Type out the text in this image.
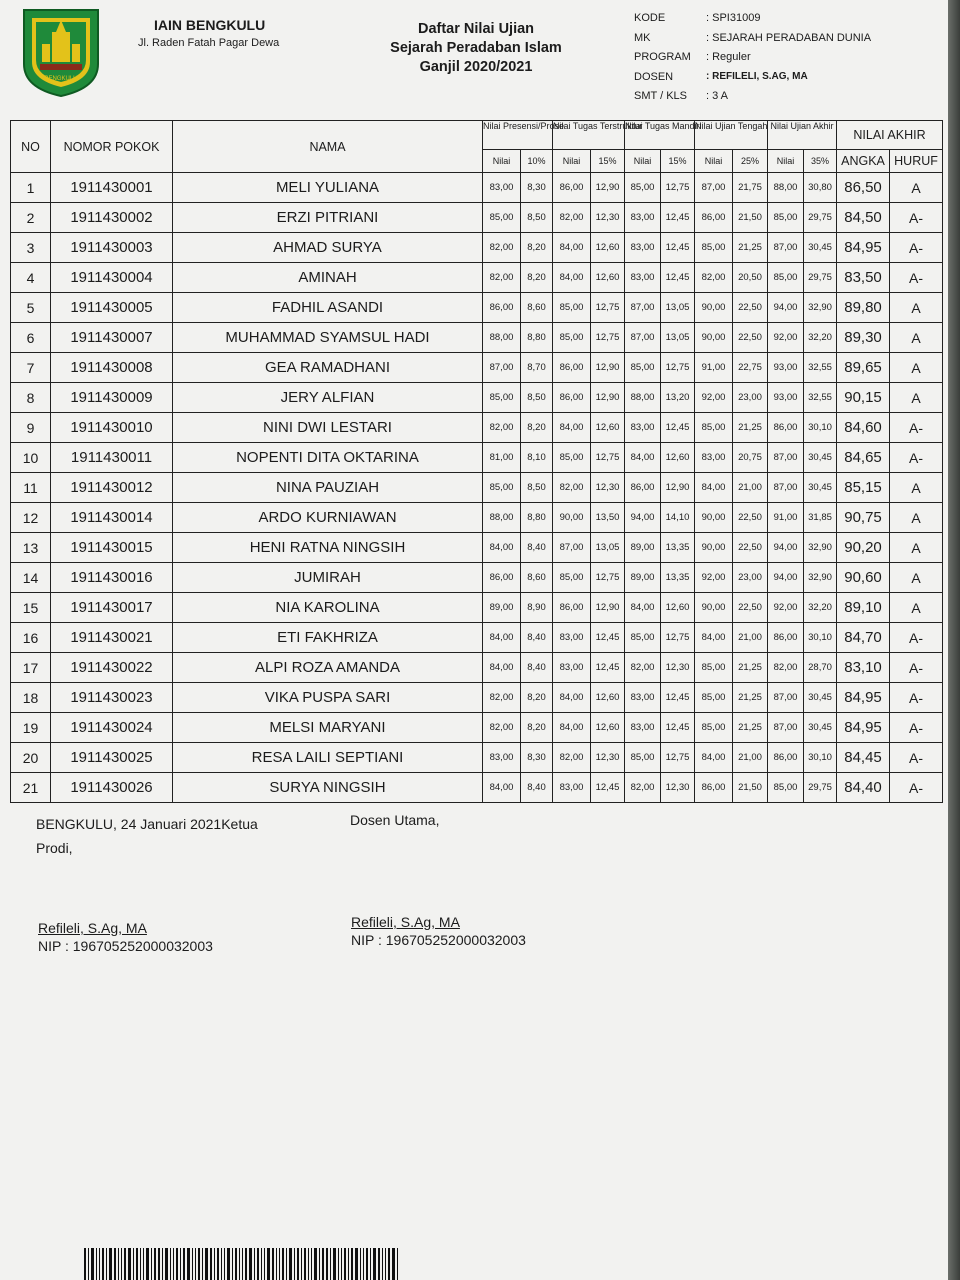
BENGKULU
IAIN BENGKULU
Jl. Raden Fatah Pagar Dewa
Daftar Nilai Ujian
Sejarah Peradaban Islam
Ganjil 2020/2021
KODE	: SPI31009
MK	: SEJARAH PERADABAN DUNIA
PROGRAM	: Reguler
DOSEN	: REFILELI, S.AG, MA
SMT / KLS	: 3 A
NO	NOMOR POKOK	NAMA	Nilai Presensi/Prose		Nilai Tugas Terstruktur		Nilai Tugas Mandiri		Nilai Ujian Tengah		Nilai Ujian Akhir		NILAI AKHIR	
			Nilai	10%	Nilai	15%	Nilai	15%	Nilai	25%	Nilai	35%	ANGKA	HURUF
1	1911430001	MELI YULIANA	83,00	8,30	86,00	12,90	85,00	12,75	87,00	21,75	88,00	30,80	86,50	A
2	1911430002	ERZI PITRIANI	85,00	8,50	82,00	12,30	83,00	12,45	86,00	21,50	85,00	29,75	84,50	A-
3	1911430003	AHMAD SURYA	82,00	8,20	84,00	12,60	83,00	12,45	85,00	21,25	87,00	30,45	84,95	A-
4	1911430004	AMINAH	82,00	8,20	84,00	12,60	83,00	12,45	82,00	20,50	85,00	29,75	83,50	A-
5	1911430005	FADHIL ASANDI	86,00	8,60	85,00	12,75	87,00	13,05	90,00	22,50	94,00	32,90	89,80	A
6	1911430007	MUHAMMAD SYAMSUL HADI	88,00	8,80	85,00	12,75	87,00	13,05	90,00	22,50	92,00	32,20	89,30	A
7	1911430008	GEA RAMADHANI	87,00	8,70	86,00	12,90	85,00	12,75	91,00	22,75	93,00	32,55	89,65	A
8	1911430009	JERY ALFIAN	85,00	8,50	86,00	12,90	88,00	13,20	92,00	23,00	93,00	32,55	90,15	A
9	1911430010	NINI DWI LESTARI	82,00	8,20	84,00	12,60	83,00	12,45	85,00	21,25	86,00	30,10	84,60	A-
10	1911430011	NOPENTI DITA OKTARINA	81,00	8,10	85,00	12,75	84,00	12,60	83,00	20,75	87,00	30,45	84,65	A-
11	1911430012	NINA PAUZIAH	85,00	8,50	82,00	12,30	86,00	12,90	84,00	21,00	87,00	30,45	85,15	A
12	1911430014	ARDO KURNIAWAN	88,00	8,80	90,00	13,50	94,00	14,10	90,00	22,50	91,00	31,85	90,75	A
13	1911430015	HENI RATNA NINGSIH	84,00	8,40	87,00	13,05	89,00	13,35	90,00	22,50	94,00	32,90	90,20	A
14	1911430016	JUMIRAH	86,00	8,60	85,00	12,75	89,00	13,35	92,00	23,00	94,00	32,90	90,60	A
15	1911430017	NIA KAROLINA	89,00	8,90	86,00	12,90	84,00	12,60	90,00	22,50	92,00	32,20	89,10	A
16	1911430021	ETI FAKHRIZA	84,00	8,40	83,00	12,45	85,00	12,75	84,00	21,00	86,00	30,10	84,70	A-
17	1911430022	ALPI ROZA AMANDA	84,00	8,40	83,00	12,45	82,00	12,30	85,00	21,25	82,00	28,70	83,10	A-
18	1911430023	VIKA PUSPA SARI	82,00	8,20	84,00	12,60	83,00	12,45	85,00	21,25	87,00	30,45	84,95	A-
19	1911430024	MELSI MARYANI	82,00	8,20	84,00	12,60	83,00	12,45	85,00	21,25	87,00	30,45	84,95	A-
20	1911430025	RESA LAILI SEPTIANI	83,00	8,30	82,00	12,30	85,00	12,75	84,00	21,00	86,00	30,10	84,45	A-
21	1911430026	SURYA NINGSIH	84,00	8,40	83,00	12,45	82,00	12,30	86,00	21,50	85,00	29,75	84,40	A-
BENGKULU, 24 Januari 2021Ketua
Prodi,
Dosen Utama,
Refileli, S.Ag, MA
NIP : 196705252000032003
Refileli, S.Ag, MA
NIP : 196705252000032003
